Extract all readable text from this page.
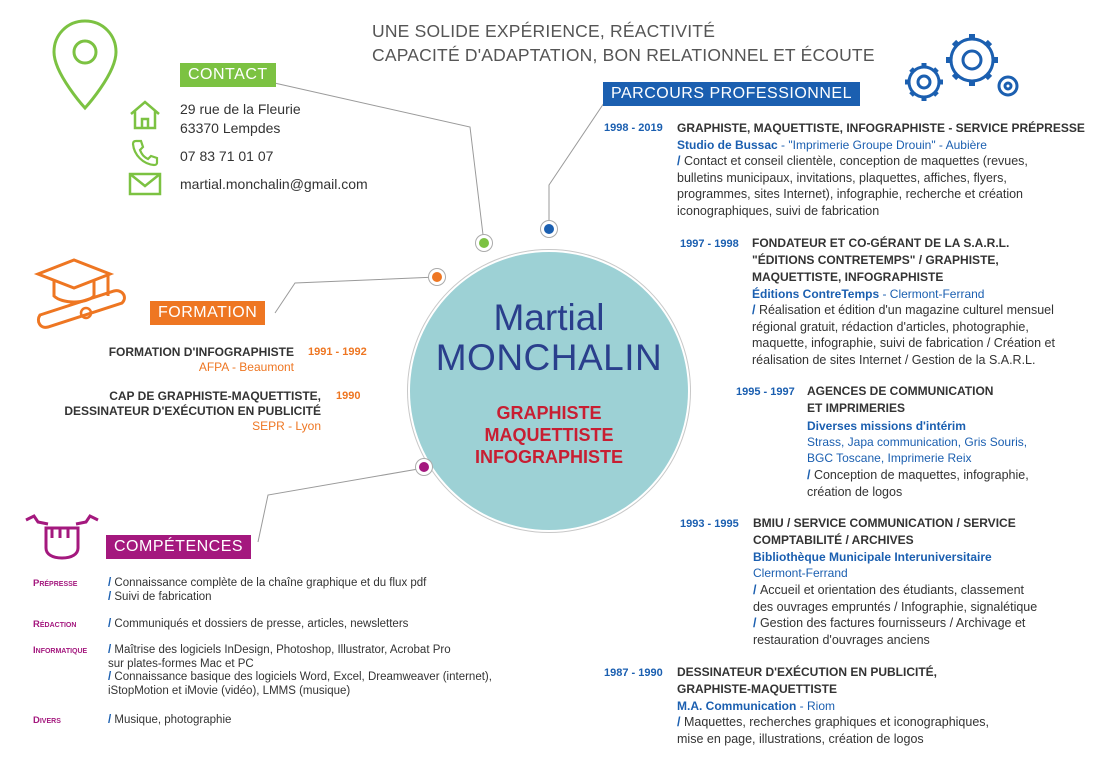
UNE SOLIDE EXPÉRIENCE, RÉACTIVITÉ
CAPACITÉ D'ADAPTATION, BON RELATIONNEL ET ÉCOUTE
CONTACT
29 rue de la Fleurie
63370 Lempdes
07 83 71 01 07
martial.monchalin@gmail.com
FORMATION
FORMATION D'INFOGRAPHISTE
AFPA - Beaumont
1991 - 1992
CAP DE GRAPHISTE-MAQUETTISTE,
DESSINATEUR D'EXÉCUTION EN PUBLICITÉ
SEPR - Lyon
1990
COMPÉTENCES
Prépresse	/ Connaissance complète de la chaîne graphique et du flux pdf
/ Suivi de fabrication
Rédaction	/ Communiqués et dossiers de presse, articles, newsletters
Informatique / Maîtrise des logiciels InDesign, Photoshop, Illustrator, Acrobat Pro
sur plates-formes Mac et PC
/ Connaissance basique des logiciels Word, Excel, Dreamweaver (internet),
iStopMotion et iMovie (vidéo), LMMS (musique)
Divers	/ Musique, photographie
Martial
MONCHALIN
GRAPHISTE
MAQUETTISTE
INFOGRAPHISTE
PARCOURS PROFESSIONNEL
1998 - 2019 GRAPHISTE, MAQUETTISTE, INFOGRAPHISTE - SERVICE PRÉPRESSE
Studio de Bussac - "Imprimerie Groupe Drouin" - Aubière
/ Contact et conseil clientèle, conception de maquettes (revues,
bulletins municipaux, invitations, plaquettes, affiches, flyers,
programmes, sites Internet), infographie, recherche et création
iconographiques, suivi de fabrication
1997 - 1998 FONDATEUR ET CO-GÉRANT DE LA S.A.R.L.
"ÉDITIONS CONTRETEMPS" / GRAPHISTE,
MAQUETTISTE, INFOGRAPHISTE
Éditions ContreTemps - Clermont-Ferrand
/ Réalisation et édition d'un magazine culturel mensuel
régional gratuit, rédaction d'articles, photographie,
maquette, infographie, suivi de fabrication / Création et
réalisation de sites Internet / Gestion de la S.A.R.L.
1995 - 1997 AGENCES DE COMMUNICATION
ET IMPRIMERIES
Diverses missions d'intérim
Strass, Japa communication, Gris Souris,
BGC Toscane, Imprimerie Reix
/ Conception de maquettes, infographie,
création de logos
1993 - 1995 BMIU / SERVICE COMMUNICATION / SERVICE
COMPTABILITÉ / ARCHIVES
Bibliothèque Municipale Interuniversitaire
Clermont-Ferrand
/ Accueil et orientation des étudiants, classement
des ouvrages empruntés / Infographie, signalétique
/ Gestion des factures fournisseurs / Archivage et
restauration d'ouvrages anciens
1987 - 1990 DESSINATEUR D'EXÉCUTION EN PUBLICITÉ,
GRAPHISTE-MAQUETTISTE
M.A. Communication - Riom
/ Maquettes, recherches graphiques et iconographiques,
mise en page, illustrations, création de logos
